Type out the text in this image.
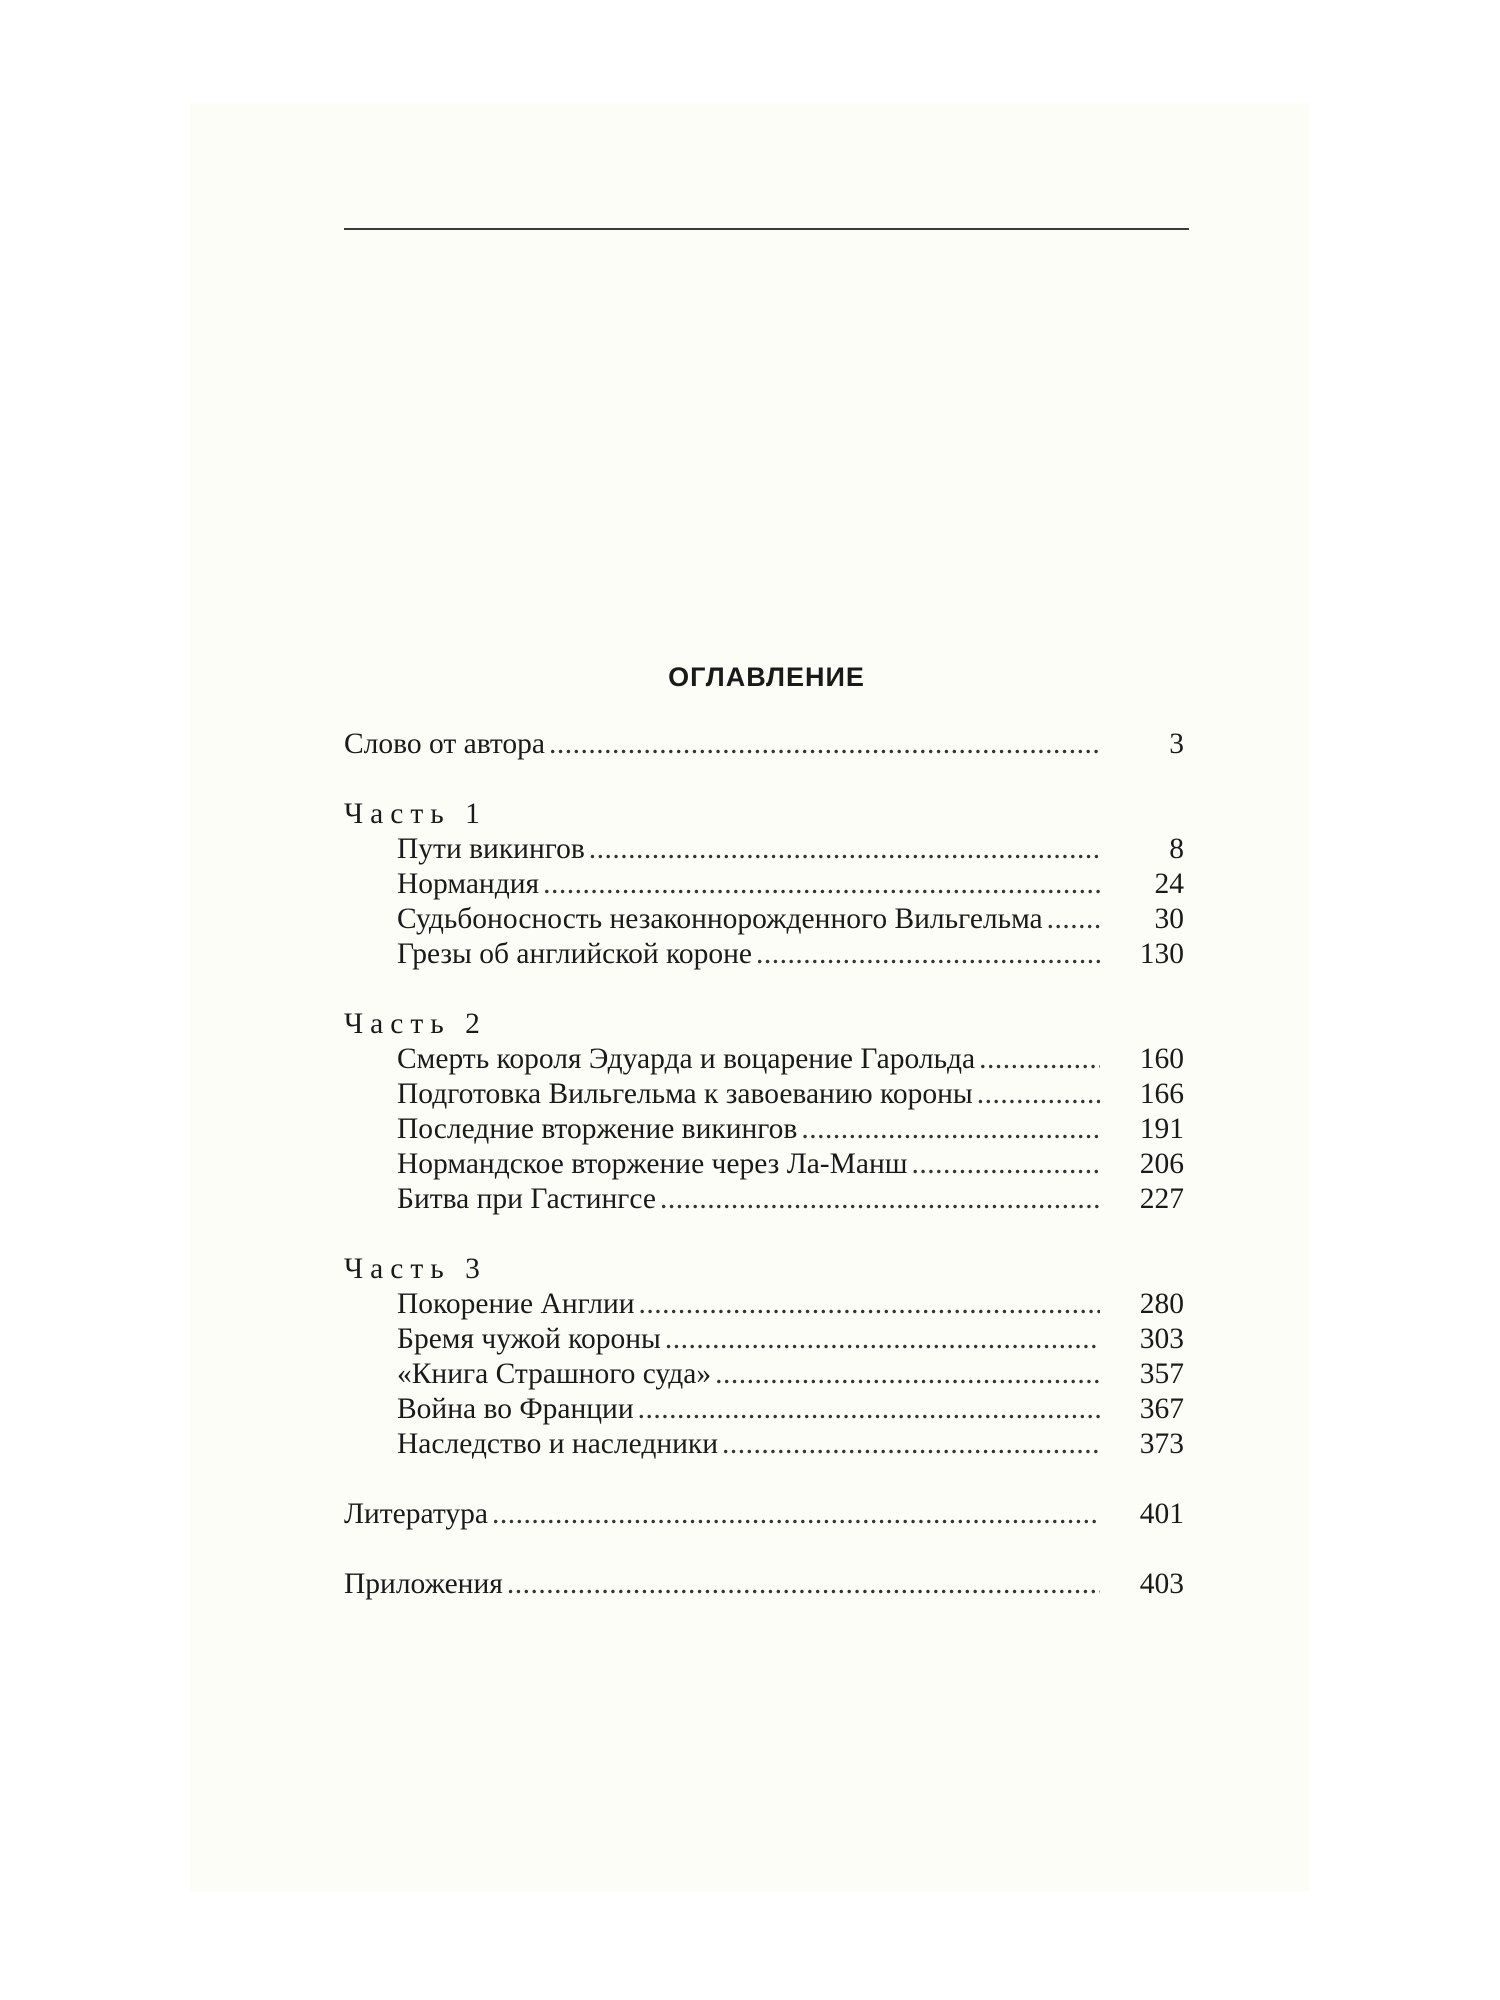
ОГЛАВЛЕНИЕ
Слово от автора .....	3
Часть 1
Пути викингов .....	8
Нормандия .....	24
Судьбоносность незаконнорожденного Вильгельма .....	30
Грезы об английской короне .....	130
Часть 2
Смерть короля Эдуарда и воцарение Гарольда .....	160
Подготовка Вильгельма к завоеванию короны .....	166
Последние вторжение викингов .....	191
Нормандское вторжение через Ла-Манш .....	206
Битва при Гастингсе .....	227
Часть 3
Покорение Англии .....	280
Бремя чужой короны .....	303
«Книга Страшного суда» .....	357
Война во Франции .....	367
Наследство и наследники .....	373
Литература .....	401
Приложения .....	403
